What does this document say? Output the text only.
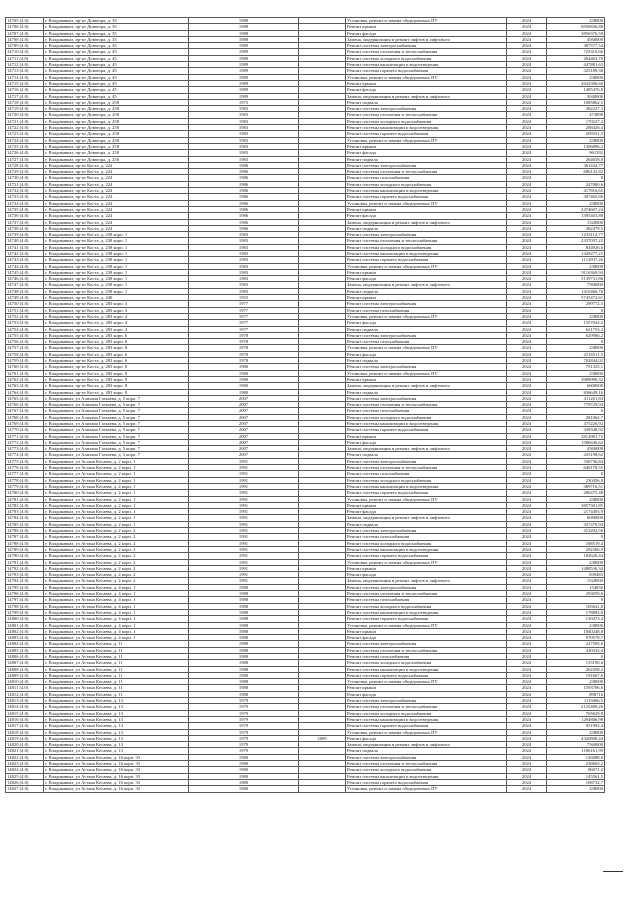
14705 (4.0)	г. Владикавказ, пр-кт Доватора, д. 35	1988		Установка, ремонт и замена общедомовых ПУ	2024	238000
14706 (4.0)	г. Владикавказ, пр-кт Доватора, д. 35	1988		Ремонт крыши	2024	6956836,88
14707 (4.0)	г. Владикавказ, пр-кт Доватора, д. 35	1988		Ремонт фасада	2024	3856376,50
14708 (4.0)	г. Владикавказ, пр-кт Доватора, д. 35	1988		Замена, модернизация и ремонт лифтов и лифтового	2024	4560000
14709 (4.0)	г. Владикавказ, пр-кт Доватора, д. 45	1989		Ремонт системы электроснабжения	2024	387577,54
14710 (4.0)	г. Владикавказ, пр-кт Доватора, д. 45	1989		Ремонт системы отопления и теплоснабжения	2024	725310,66
14711 (4.0)	г. Владикавказ, пр-кт Доватора, д. 45	1989		Ремонт системы холодного водоснабжения	2024	264463,70
14712 (4.0)	г. Владикавказ, пр-кт Доватора, д. 45	1989		Ремонт системы канализации и водоотведения	2024	447881,63
14713 (4.0)	г. Владикавказ, пр-кт Доватора, д. 45	1989		Ремонт системы горячего водоснабжения	2024	325189,38
14714 (4.0)	г. Владикавказ, пр-кт Доватора, д. 45	1989		Установка, ремонт и замена общедомовых ПУ	2024	238000
14715 (4.0)	г. Владикавказ, пр-кт Доватора, д. 45	1989		Ремонт крыши	2024	2632396,60
14716 (4.0)	г. Владикавказ, пр-кт Доватора, д. 45	1989		Ремонт фасада	2024	1485476,8
14717 (4.0)	г. Владикавказ, пр-кт Доватора, д. 45	1989		Замена, модернизация и ремонт лифтов и лифтового	2024	3040000
14718 (4.0)	г. Владикавказ, пр-кт Доватора, д. 258	1975		Ремонт подвала	2024	1085862,5
14719 (4.0)	г. Владикавказ, пр-кт Доватора, д. 258	1983		Ремонт системы электроснабжения	2024	382227,3
14720 (4.0)	г. Владикавказ, пр-кт Доватора, д. 258	1983		Ремонт системы отопления и теплоснабжения	2024	473898
14721 (4.0)	г. Владикавказ, пр-кт Доватора, д. 258	1983		Ремонт системы холодного водоснабжения	2024	170227,2
14722 (4.0)	г. Владикавказ, пр-кт Доватора, д. 258	1983		Ремонт системы канализации и водоотведения	2024	288426,4
14723 (4.0)	г. Владикавказ, пр-кт Доватора, д. 258	1983		Ремонт системы горячего водоснабжения	2024	209331,5
14724 (4.0)	г. Владикавказ, пр-кт Доватора, д. 258	1983		Установка, ремонт и замена общедомовых ПУ	2024	238000
14725 (4.0)	г. Владикавказ, пр-кт Доватора, д. 258	1983		Ремонт крыши	2024	1306896,2
14726 (4.0)	г. Владикавказ, пр-кт Доватора, д. 258	1983		Ремонт фасада	2024	961392
14727 (4.0)	г. Владикавказ, пр-кт Доватора, д. 258	1983		Ремонт подвала	2024	264658,8
14728 (4.0)	г. Владикавказ, пр-кт Коста, д. 224	1986		Ремонт системы электроснабжения	2024	361434,77
14729 (4.0)	г. Владикавказ, пр-кт Коста, д. 224	1986		Ремонт системы отопления и теплоснабжения	2024	686132,82
14730 (4.0)	г. Владикавказ, пр-кт Коста, д. 224	1986		Ремонт системы газоснабжения	2024	0
14731 (4.0)	г. Владикавказ, пр-кт Коста, д. 224	1986		Ремонт системы холодного водоснабжения	2024	247080,6
14732 (4.0)	г. Владикавказ, пр-кт Коста, д. 224	1986		Ремонт системы канализации и водоотведения	2024	417816,65
14733 (4.0)	г. Владикавказ, пр-кт Коста, д. 224	1986		Ремонт системы горячего водоснабжения	2024	307465,66
14734 (4.0)	г. Владикавказ, пр-кт Коста, д. 224	1986		Установка, ремонт и замена общедомовых ПУ	2024	238000
14735 (4.0)	г. Владикавказ, пр-кт Коста, д. 224	1986		Ремонт крыши	2024	2474607,24
14736 (4.0)	г. Владикавказ, пр-кт Коста, д. 224	1986		Ремонт фасада	2024	1395403,80
14737 (4.0)	г. Владикавказ, пр-кт Коста, д. 224	1986		Замена, модернизация и ремонт лифтов и лифтового	2024	1520000
14738 (4.0)	г. Владикавказ, пр-кт Коста, д. 224	1986		Ремонт подвала	2024	382479,5
14739 (4.0)	г. Владикавказ, пр-кт Коста, д. 238 корп. 1	1983		Ремонт системы электроснабжения	2024	1233112,77
14740 (4.0)	г. Владикавказ, пр-кт Коста, д. 238 корп. 1	1983		Ремонт системы отопления и теплоснабжения	2024	2337037,22
14741 (4.0)	г. Владикавказ, пр-кт Коста, д. 238 корп. 1	1983		Ремонт системы холодного водоснабжения	2024	844926,6
14742 (4.0)	г. Владикавказ, пр-кт Коста, д. 238 корп. 1	1983		Ремонт системы канализации и водоотведения	2024	1428277,21
14743 (4.0)	г. Владикавказ, пр-кт Коста, д. 238 корп. 1	1983		Ремонт системы горячего водоснабжения	2024	1112937,26
14744 (4.0)	г. Владикавказ, пр-кт Коста, д. 238 корп. 1	1983		Установка, ремонт и замена общедомовых ПУ	2024	238000
14745 (4.0)	г. Владикавказ, пр-кт Коста, д. 238 корп. 1	1983		Ремонт крыши	2024	9116369,94
14746 (4.0)	г. Владикавказ, пр-кт Коста, д. 238 корп. 1	1983		Ремонт фасада	2024	5139731,86
14747 (4.0)	г. Владикавказ, пр-кт Коста, д. 238 корп. 1	1983		Замена, модернизация и ремонт лифтов и лифтового	2024	7560000
14748 (4.0)	г. Владикавказ, пр-кт Коста, д. 238 корп. 1	1983		Ремонт подвала	2024	1410466,76
14749 (4.0)	г. Владикавказ, пр-кт Коста, д. 240	1955		Ремонт крыши	2024	5745472,61
14750 (4.0)	г. Владикавказ, пр-кт Коста, д. 283 корп. 4	1977		Ремонт системы электроснабжения	2024	299772,3
14751 (4.0)	г. Владикавказ, пр-кт Коста, д. 283 корп. 4	1977		Ремонт системы газоснабжения	2024	0
14752 (4.0)	г. Владикавказ, пр-кт Коста, д. 283 корп. 4	1977		Установка, ремонт и замена общедомовых ПУ	2024	238000
14753 (4.0)	г. Владикавказ, пр-кт Коста, д. 283 корп. 4	1977		Ремонт фасада	2024	1357042,2
14754 (4.0)	г. Владикавказ, пр-кт Коста, д. 283 корп. 4	1977		Ремонт подвала	2024	621753,2
14755 (4.0)	г. Владикавказ, пр-кт Коста, д. 283 корп. 6	1978		Ремонт системы электроснабжения	2024	629986,2
14756 (4.0)	г. Владикавказ, пр-кт Коста, д. 283 корп. 6	1978		Ремонт системы газоснабжения	2024	0
14757 (4.0)	г. Владикавказ, пр-кт Коста, д. 283 корп. 6	1978		Установка, ремонт и замена общедомовых ПУ	2024	238000
14758 (4.0)	г. Владикавказ, пр-кт Коста, д. 283 корп. 6	1978		Ремонт фасада	2024	2516511,5
14759 (4.0)	г. Владикавказ, пр-кт Коста, д. 283 корп. 6	1978		Ремонт подвала	2024	702844,02
14760 (4.0)	г. Владикавказ, пр-кт Коста, д. 283 корп. 8	1980		Ремонт системы электроснабжения	2024	751325,1
14761 (4.0)	г. Владикавказ, пр-кт Коста, д. 283 корп. 8	1980		Установка, ремонт и замена общедомовых ПУ	2024	238000
14762 (4.0)	г. Владикавказ, пр-кт Коста, д. 283 корп. 8	1980		Ремонт крыши	2024	3908990,32
14763 (4.0)	г. Владикавказ, пр-кт Коста, д. 283 корп. 8	1980		Замена, модернизация и ремонт лифтов и лифтового	2024	6600000
14764 (4.0)	г. Владикавказ, пр-кт Коста, д. 283 корп. 8	1980		Ремонт подвала	2024	836649,16
14765 (4.0)	г. Владикавказ, ул Алихана Гагкаева, д. 5 корп. 7	2007		Ремонт системы электроснабжения	2024	411201,83
14766 (4.0)	г. Владикавказ, ул Алихана Гагкаева, д. 5 корп. 7	2007		Ремонт системы отопления и теплоснабжения	2024	779729,94
14767 (4.0)	г. Владикавказ, ул Алихана Гагкаева, д. 5 корп. 7	2007		Ремонт системы газоснабжения	2024	0
14768 (4.0)	г. Владикавказ, ул Алихана Гагкаева, д. 5 корп. 7	2007		Ремонт системы холодного водоснабжения	2024	281062,7
14769 (4.0)	г. Владикавказ, ул Алихана Гагкаева, д. 5 корп. 7	2007		Ремонт системы канализации и водоотведения	2024	475226,92
14770 (4.0)	г. Владикавказ, ул Алихана Гагкаева, д. 5 корп. 7	2007		Ремонт системы горячего водоснабжения	2024	349348,92
14771 (4.0)	г. Владикавказ, ул Алихана Гагкаева, д. 5 корп. 7	2007		Ремонт крыши	2024	2814981,72
14772 (4.0)	г. Владикавказ, ул Алихана Гагкаева, д. 5 корп. 7	2007		Ремонт фасада	2024	1586646,62
14773 (4.0)	г. Владикавказ, ул Алихана Гагкаева, д. 5 корп. 7	2007		Замена, модернизация и ремонт лифтов и лифтового	2024	4560000
14774 (4.0)	г. Владикавказ, ул Алихана Гагкаева, д. 5 корп. 7	2007		Ремонт подвала	2024	435198,62
14775 (4.0)	г. Владикавказ, ул Астана Кесаева, д. 2 корп. 1	1991		Ремонт системы электроснабжения	2024	336736,84
14776 (4.0)	г. Владикавказ, ул Астана Кесаева, д. 2 корп. 1	1991		Ремонт системы отопления и теплоснабжения	2024	640178,55
14777 (4.0)	г. Владикавказ, ул Астана Кесаева, д. 2 корп. 1	1991		Ремонт системы газоснабжения	2024	0
14778 (4.0)	г. Владикавказ, ул Астана Кесаева, д. 2 корп. 1	1991		Ремонт системы холодного водоснабжения	2024	230456,8
14779 (4.0)	г. Владикавказ, ул Астана Кесаева, д. 2 корп. 1	1991		Ремонт системы канализации и водоотведения	2024	389716,51
14780 (4.0)	г. Владикавказ, ул Астана Кесаева, д. 2 корп. 1	1991		Ремонт системы горячего водоснабжения	2024	286475,48
14781 (4.0)	г. Владикавказ, ул Астана Кесаева, д. 2 корп. 1	1991		Установка, ремонт и замена общедомовых ПУ	2024	238000
14782 (4.0)	г. Владикавказ, ул Астана Кесаева, д. 2 корп. 1	1991		Ремонт крыши	2024	3857301,85
14783 (4.0)	г. Владикавказ, ул Астана Кесаева, д. 2 корп. 1	1991		Ремонт фасада	2024	2174493,9
14784 (4.0)	г. Владикавказ, ул Астана Кесаева, д. 2 корп. 1	1991		Замена, модернизация и ремонт лифтов и лифтового	2024	6080000
14785 (4.0)	г. Владикавказ, ул Астана Кесаева, д. 2 корп. 1	1991		Ремонт подвала	2024	357479,94
14786 (4.0)	г. Владикавказ, ул Астана Кесаева, д. 2 корп. 2	1991		Ремонт системы электроснабжения	2024	412202,56
14787 (4.0)	г. Владикавказ, ул Астана Кесаева, д. 2 корп. 2	1991		Ремонт системы газоснабжения	2024	0
14788 (4.0)	г. Владикавказ, ул Астана Кесаева, д. 2 корп. 2	1991		Ремонт системы холодного водоснабжения	2024	188519,4
14789 (4.0)	г. Владикавказ, ул Астана Кесаева, д. 2 корп. 2	1991		Ремонт системы канализации и водоотведения	2024	292306,9
14790 (4.0)	г. Владикавказ, ул Астана Кесаева, д. 2 корп. 2	1991		Ремонт системы горячего водоснабжения	2024	182626,44
14791 (4.0)	г. Владикавказ, ул Астана Кесаева, д. 2 корп. 2	1991		Установка, ремонт и замена общедомовых ПУ	2024	238000
14792 (4.0)	г. Владикавказ, ул Астана Кесаева, д. 2 корп. 2	1991		Ремонт крыши	2024	1488536,34
14793 (4.0)	г. Владикавказ, ул Астана Кесаева, д. 2 корп. 2	1991		Ремонт фасада	2024	839483
14794 (4.0)	г. Владикавказ, ул Астана Кесаева, д. 2 корп. 2	1991		Замена, модернизация и ремонт лифтов и лифтового	2024	1520000
14795 (4.0)	г. Владикавказ, ул Астана Кесаева, д. 4 корп. 1	1988		Ремонт системы электроснабжения	2024	154830
14796 (4.0)	г. Владикавказ, ул Астана Кесаева, д. 4 корп. 1	1988		Ремонт системы отопления и теплоснабжения	2024	293059,6
14797 (4.0)	г. Владикавказ, ул Астана Кесаева, д. 4 корп. 1	1988		Ремонт системы газоснабжения	2024	0
14798 (4.0)	г. Владикавказ, ул Астана Кесаева, д. 4 корп. 1	1988		Ремонт системы холодного водоснабжения	2024	105641,8
14799 (4.0)	г. Владикавказ, ул Астана Кесаева, д. 4 корп. 1	1988		Ремонт системы канализации и водоотведения	2024	178892,8
14800 (4.0)	г. Владикавказ, ул Астана Кесаева, д. 4 корп. 1	1988		Ремонт системы горячего водоснабжения	2024	130473,4
14801 (4.0)	г. Владикавказ, ул Астана Кесаева, д. 4 корп. 1	1988		Установка, ремонт и замена общедомовых ПУ	2024	238000
14802 (4.0)	г. Владикавказ, ул Астана Кесаева, д. 4 корп. 1	1988		Ремонт крыши	2024	1840248,8
14803 (4.0)	г. Владикавказ, ул Астана Кесаева, д. 4 корп. 1	1988		Ремонт фасада	2024	970578,7
14804 (4.0)	г. Владикавказ, ул Астана Кесаева, д. 11	1988		Ремонт системы электроснабжения	2024	227595,6
14805 (4.0)	г. Владикавказ, ул Астана Кесаева, д. 11	1988		Ремонт системы отопления и теплоснабжения	2024	430332,4
14806 (4.0)	г. Владикавказ, ул Астана Кесаева, д. 11	1988		Ремонт системы газоснабжения	2024	0
14807 (4.0)	г. Владикавказ, ул Астана Кесаева, д. 11	1988		Ремонт системы холодного водоснабжения	2024	155190,6
14808 (4.0)	г. Владикавказ, ул Астана Кесаева, д. 11	1988		Ремонт системы канализации и водоотведения	2024	262458,2
14809 (4.0)	г. Владикавказ, ул Астана Кесаева, д. 11	1988		Ремонт системы горячего водоснабжения	2024	191667,6
14810 (4.0)	г. Владикавказ, ул Астана Кесаева, д. 11	1988		Установка, ремонт и замена общедомовых ПУ	2024	238000
14811 (4.0)	г. Владикавказ, ул Астана Кесаева, д. 11	1988		Ремонт крыши	2024	1593706,6
14812 (4.0)	г. Владикавказ, ул Астана Кесаева, д. 11	1988		Ремонт фасада	2024	898716
14813 (4.0)	г. Владикавказ, ул Астана Кесаева, д. 13	1979		Ремонт системы электроснабжения	2024	1119466,5
14814 (4.0)	г. Владикавказ, ул Астана Кесаева, д. 13	1979		Ремонт системы отопления и теплоснабжения	2024	2125489,26
14815 (4.0)	г. Владикавказ, ул Астана Кесаева, д. 13	1979		Ремонт системы холодного водоснабжения	2024	765629,8
14816 (4.0)	г. Владикавказ, ул Астана Кесаева, д. 13	1979		Ремонт системы канализации и водоотведения	2024	1294806,98
14817 (4.0)	г. Владикавказ, ул Астана Кесаева, д. 13	1979		Ремонт системы горячего водоснабжения	2024	951992,4
14818 (4.0)	г. Владикавказ, ул Астана Кесаева, д. 13	1979		Установка, ремонт и замена общедомовых ПУ	2024	238000
14819 (4.0)	г. Владикавказ, ул Астана Кесаева, д. 13	1979	2009	Ремонт фасада	2024	4320808,44
14820 (4.0)	г. Владикавказ, ул Астана Кесаева, д. 13	1979		Замена, модернизация и ремонт лифтов и лифтового	2024	7560000
14821 (4.0)	г. Владикавказ, ул Астана Кесаева, д. 13	1979		Ремонт подвала	2024	1186161,99
14822 (4.0)	г. Владикавказ, ул Астана Кесаева, д. 16 корп. 33	1980		Ремонт системы электроснабжения	2024	126088,8
14823 (4.0)	г. Владикавказ, ул Астана Кесаева, д. 16 корп. 33	1980		Ремонт системы отопления и теплоснабжения	2024	238663,2
14824 (4.0)	г. Владикавказ, ул Астана Кесаева, д. 16 корп. 33	1980		Ремонт системы холодного водоснабжения	2024	86071,2
14825 (4.0)	г. Владикавказ, ул Астана Кесаева, д. 16 корп. 33	1980		Ремонт системы канализации и водоотведения	2024	145561,5
14826 (4.0)	г. Владикавказ, ул Астана Кесаева, д. 16 корп. 33	1980		Ремонт системы горячего водоснабжения	2024	106732,7
14827 (4.0)	г. Владикавказ, ул Астана Кесаева, д. 16 корп. 33	1980		Установка, ремонт и замена общедомовых ПУ	2024	238000
